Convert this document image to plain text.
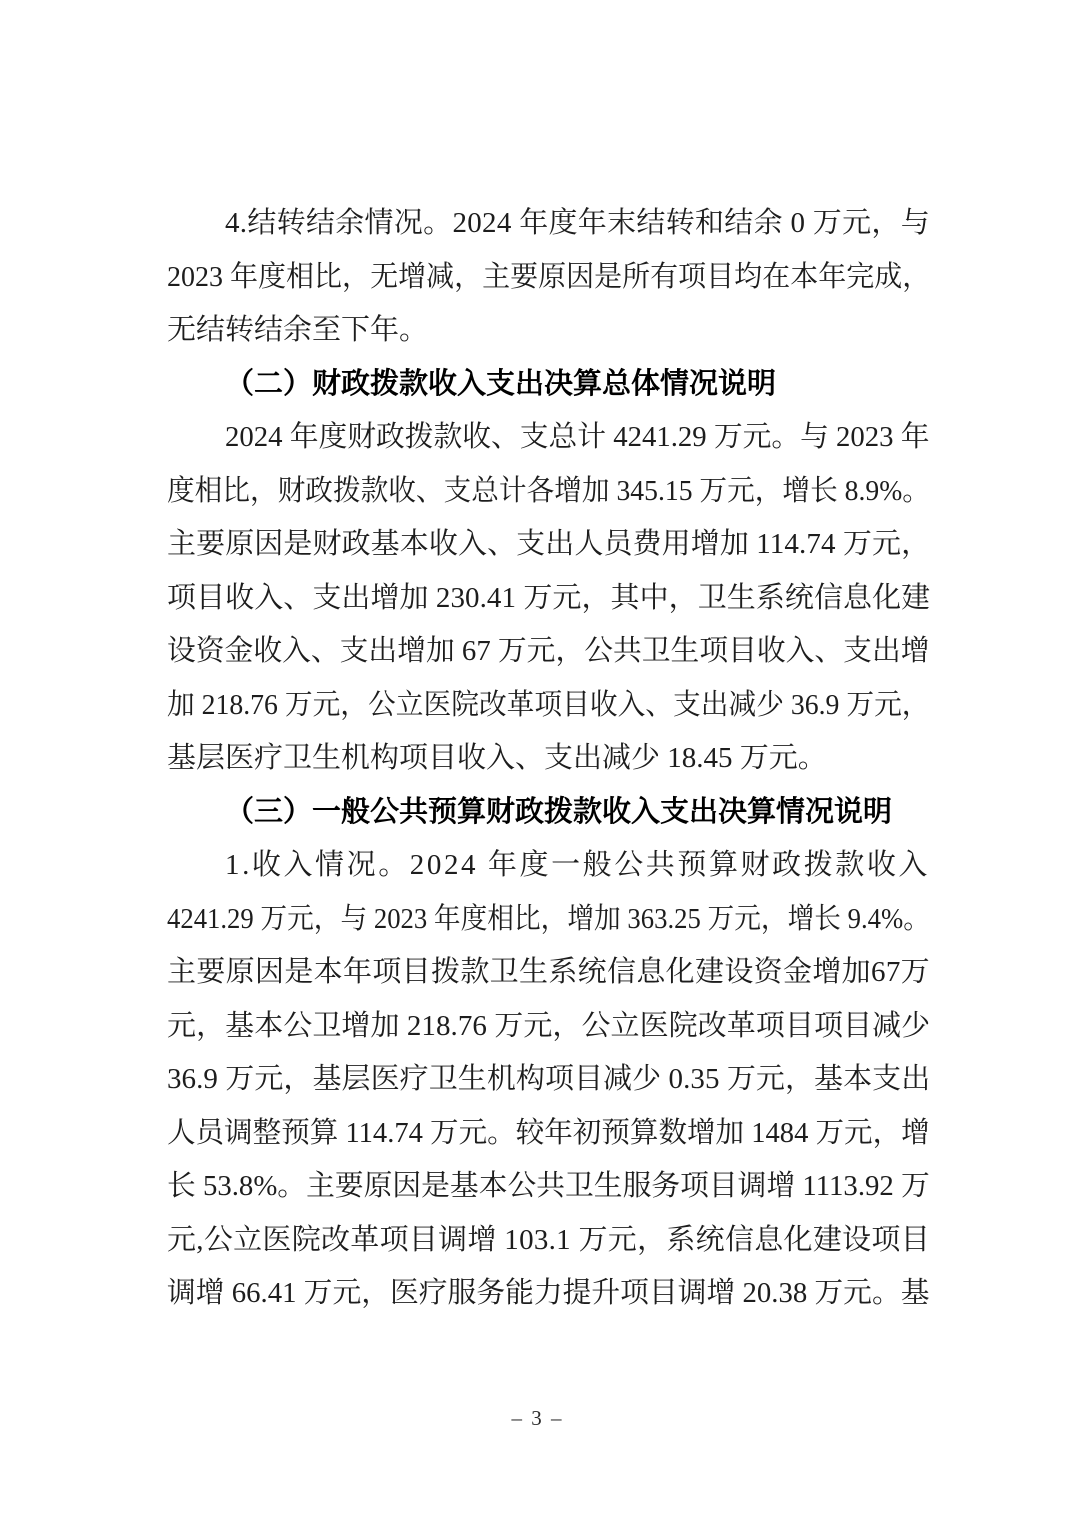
4.结转结余情况。2024 年度年末结转和结余 0 万元，与
2023 年度相比，无增减，主要原因是所有项目均在本年完成，
无结转结余至下年。
（二）财政拨款收入支出决算总体情况说明
2024 年度财政拨款收、支总计 4241.29 万元。与 2023 年
度相比，财政拨款收、支总计各增加 345.15 万元，增长 8.9%。
主要原因是财政基本收入、支出人员费用增加 114.74 万元，
项目收入、支出增加 230.41 万元，其中，卫生系统信息化建
设资金收入、支出增加 67 万元，公共卫生项目收入、支出增
加 218.76 万元，公立医院改革项目收入、支出减少 36.9 万元，
基层医疗卫生机构项目收入、支出减少 18.45 万元。
（三）一般公共预算财政拨款收入支出决算情况说明
1.收入情况。2024 年度一般公共预算财政拨款收入
4241.29 万元，与 2023 年度相比，增加 363.25 万元，增长 9.4%。
主要原因是本年项目拨款卫生系统信息化建设资金增加67万
元，基本公卫增加 218.76 万元，公立医院改革项目项目减少
36.9 万元，基层医疗卫生机构项目减少 0.35 万元，基本支出
人员调整预算 114.74 万元。较年初预算数增加 1484 万元，增
长 53.8%。主要原因是基本公共卫生服务项目调增 1113.92 万
元,公立医院改革项目调增 103.1 万元，系统信息化建设项目
调增 66.41 万元，医疗服务能力提升项目调增 20.38 万元。基
– 3 –
